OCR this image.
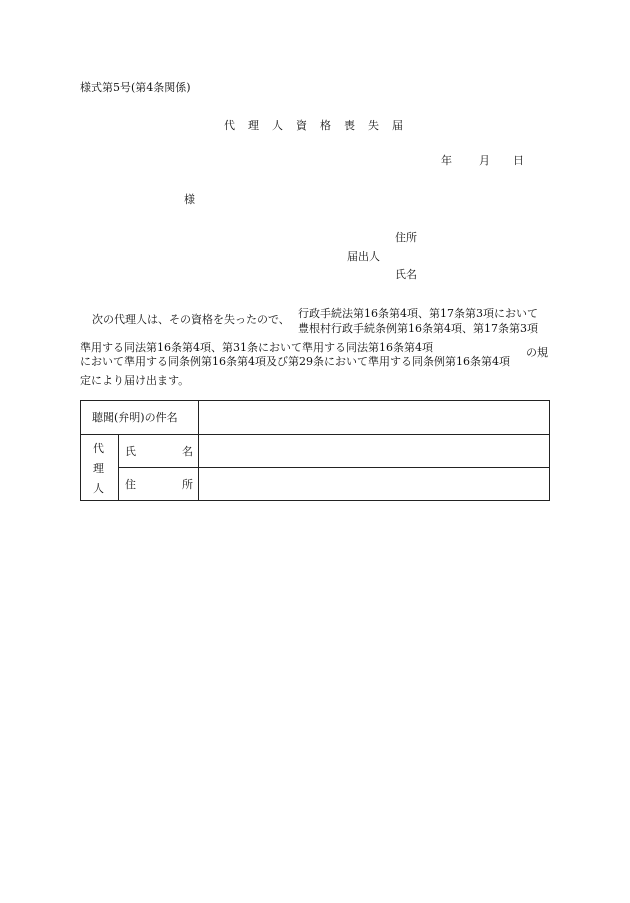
様式第5号(第4条関係)
代 理 人 資 格 喪 失 届
年 月 日
様
住所
届出人
氏名
次の代理人は、その資格を失ったので、 行政手続法第16条第4項、第17条第3項において
豊根村行政手続条例第16条第4項、第17条第3項
準用する同法第16条第4項、第31条において準用する同法第16条第4項
において準用する同条例第16条第4項及び第29条において準用する同条例第16条第4項
の規
定により届け出ます。
聴聞(弁明)の件名
代
理
人
氏	名
住	所
